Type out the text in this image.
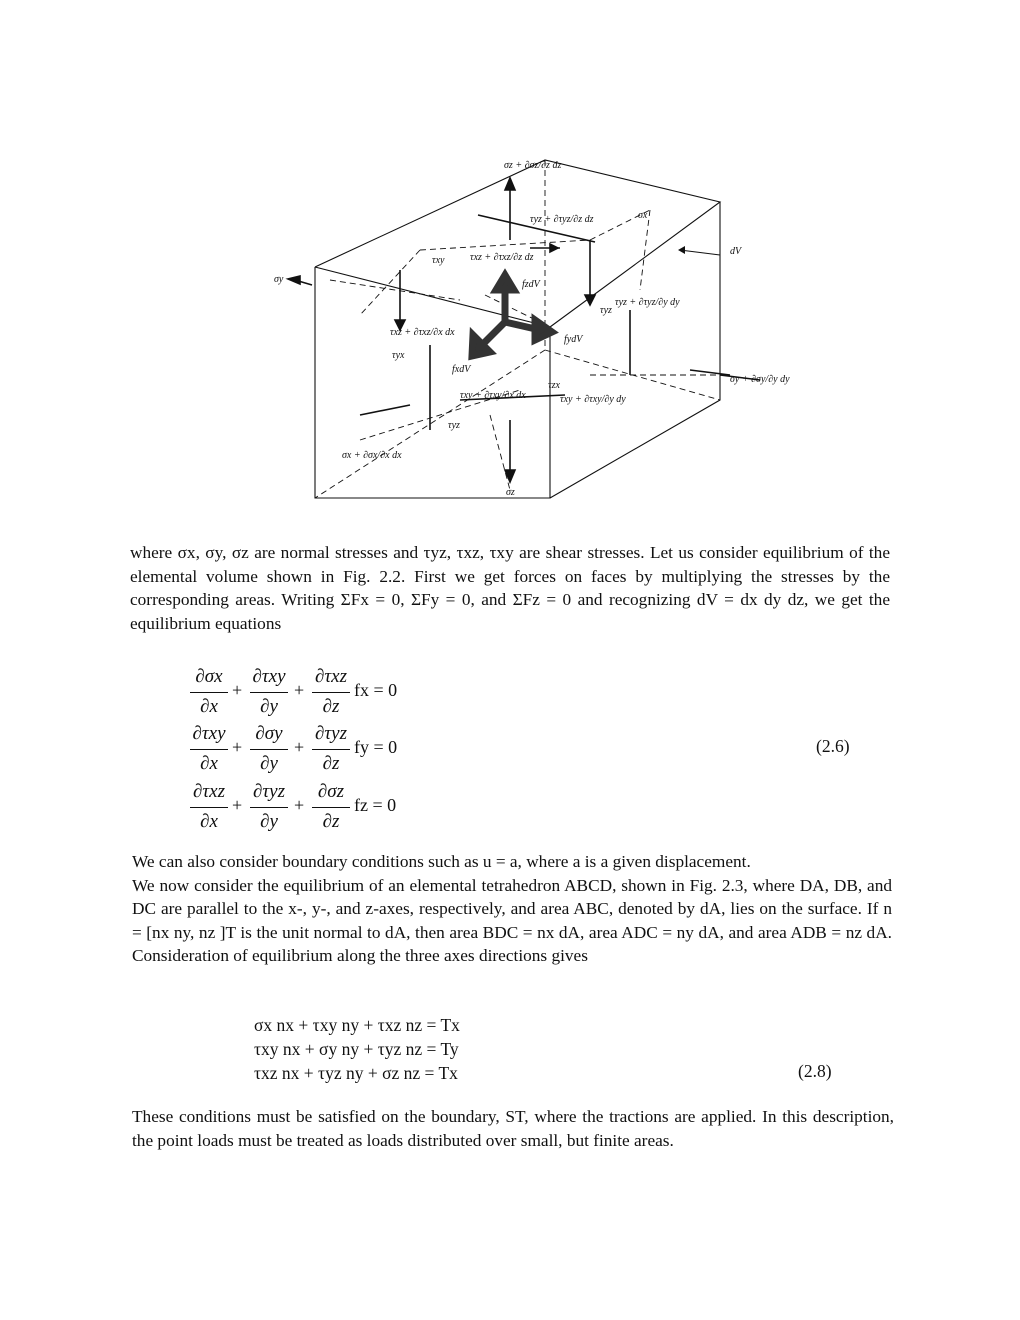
σz + ∂σz/∂z dz
τyz + ∂τyz/∂z dz
τxz + ∂τxz/∂z dz
τxy
σx
dV
σy	fzdV
τxz + ∂τxz/∂x dx
τyz + ∂τyz/∂y dy
fydV
τyx
τyz
fxdV
σy + ∂σy/∂y dy
τxy + ∂τxy/∂x dx
τzx
τxy + ∂τxy/∂y dy
τyz
σx + ∂σx/∂x dx
σz

where σx, σy, σz are normal stresses and τyz, τxz, τxy are shear stresses. Let us consider equilibrium of the elemental volume shown in Fig. 2.2. First we get forces on faces by multiplying the stresses by the corresponding areas. Writing ΣFx = 0, ΣFy = 0, and ΣFz = 0 and recognizing dV = dx dy dz, we get the equilibrium equations

∂σx
∂x
+
∂τxy
∂y
+
∂τxz
∂z
fx = 0
∂τxy
∂x
+
∂σy
∂y
+
∂τyz
∂z
fy = 0
∂τxz
∂x
+
∂τyz
∂y
+
∂σz
∂z
fz = 0
(2.6)

We can also consider boundary conditions such as u = a, where a is a given displacement.

We now consider the equilibrium of an elemental tetrahedron ABCD, shown in Fig. 2.3, where DA, DB, and DC are parallel to the x-, y-, and z-axes, respectively, and area ABC, denoted by dA, lies on the surface. If n = [nx ny, nz ]T is the unit normal to dA, then area BDC = nx dA, area ADC = ny dA, and area ADB = nz dA. Consideration of equilibrium along the three axes directions gives

σx nx + τxy ny + τxz nz = Tx
τxy nx + σy ny + τyz nz = Ty
τxz nx + τyz ny + σz nz = Tx	(2.8)

These conditions must be satisfied on the boundary, ST, where the tractions are applied. In this description, the point loads must be treated as loads distributed over small, but finite areas.
